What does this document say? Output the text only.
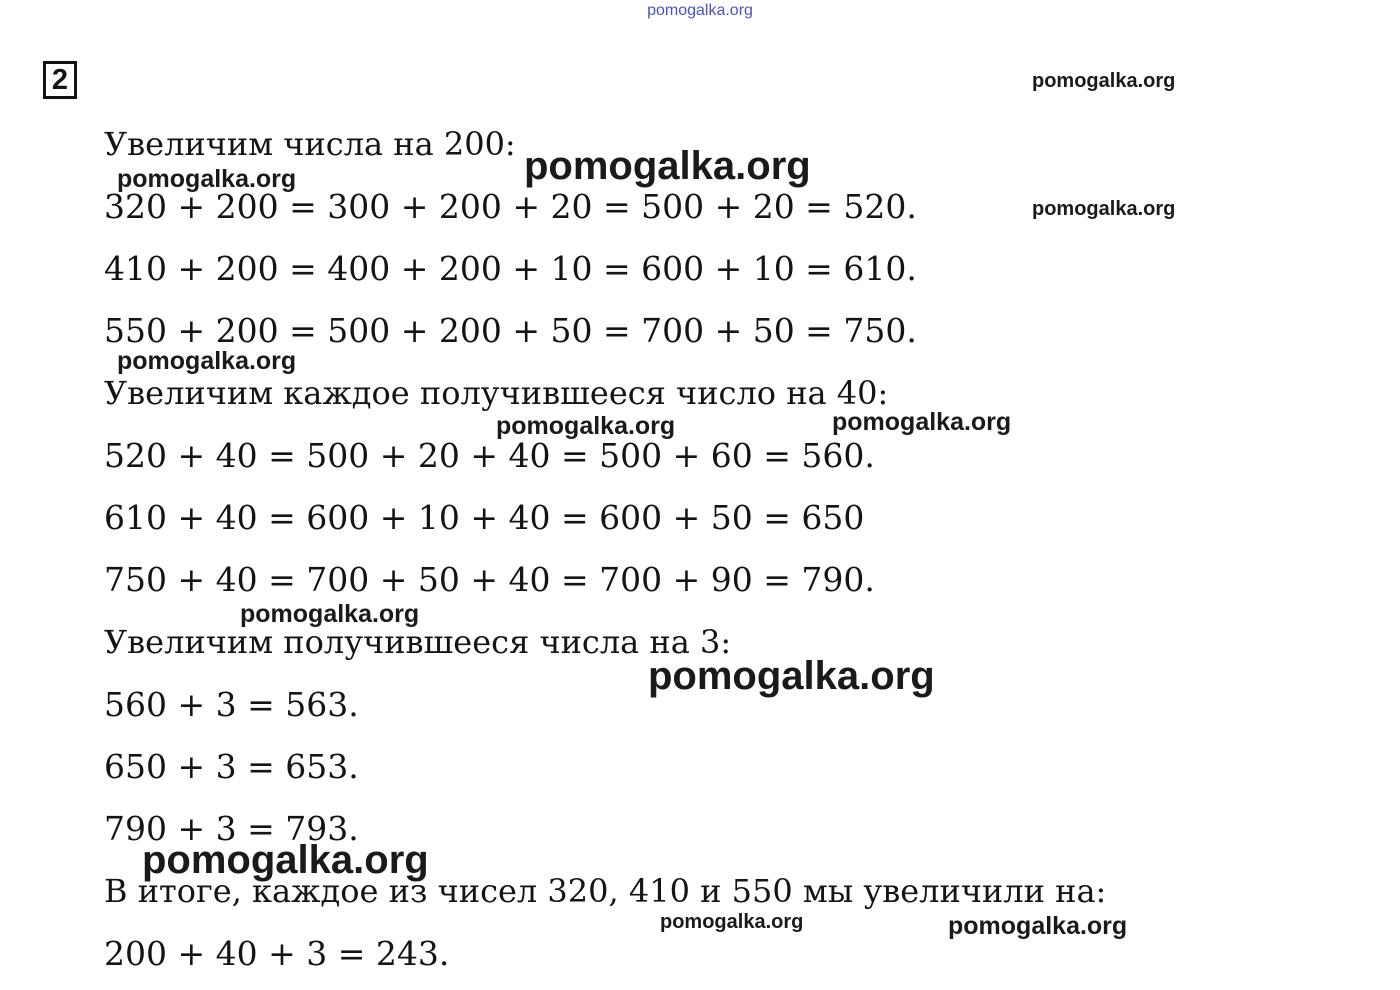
pomogalka.org
2
Увеличим числа на 200:
320 + 200 = 300 + 200 + 20 = 500 + 20 = 520.
410 + 200 = 400 + 200 + 10 = 600 + 10 = 610.
550 + 200 = 500 + 200 + 50 = 700 + 50 = 750.
Увеличим каждое получившееся число на 40:
520 + 40 = 500 + 20 + 40 = 500 + 60 = 560.
610 + 40 = 600 + 10 + 40 = 600 + 50 = 650
750 + 40 = 700 + 50 + 40 = 700 + 90 = 790.
Увеличим получившееся числа на 3:
560 + 3 = 563.
650 + 3 = 653.
790 + 3 = 793.
В итоге, каждое из чисел 320, 410 и 550 мы увеличили на:
200 + 40 + 3 = 243.
pomogalka.org
pomogalka.org
pomogalka.org
pomogalka.org
pomogalka.org
pomogalka.org
pomogalka.org
pomogalka.org
pomogalka.org
pomogalka.org
pomogalka.org	pomogalka.org
